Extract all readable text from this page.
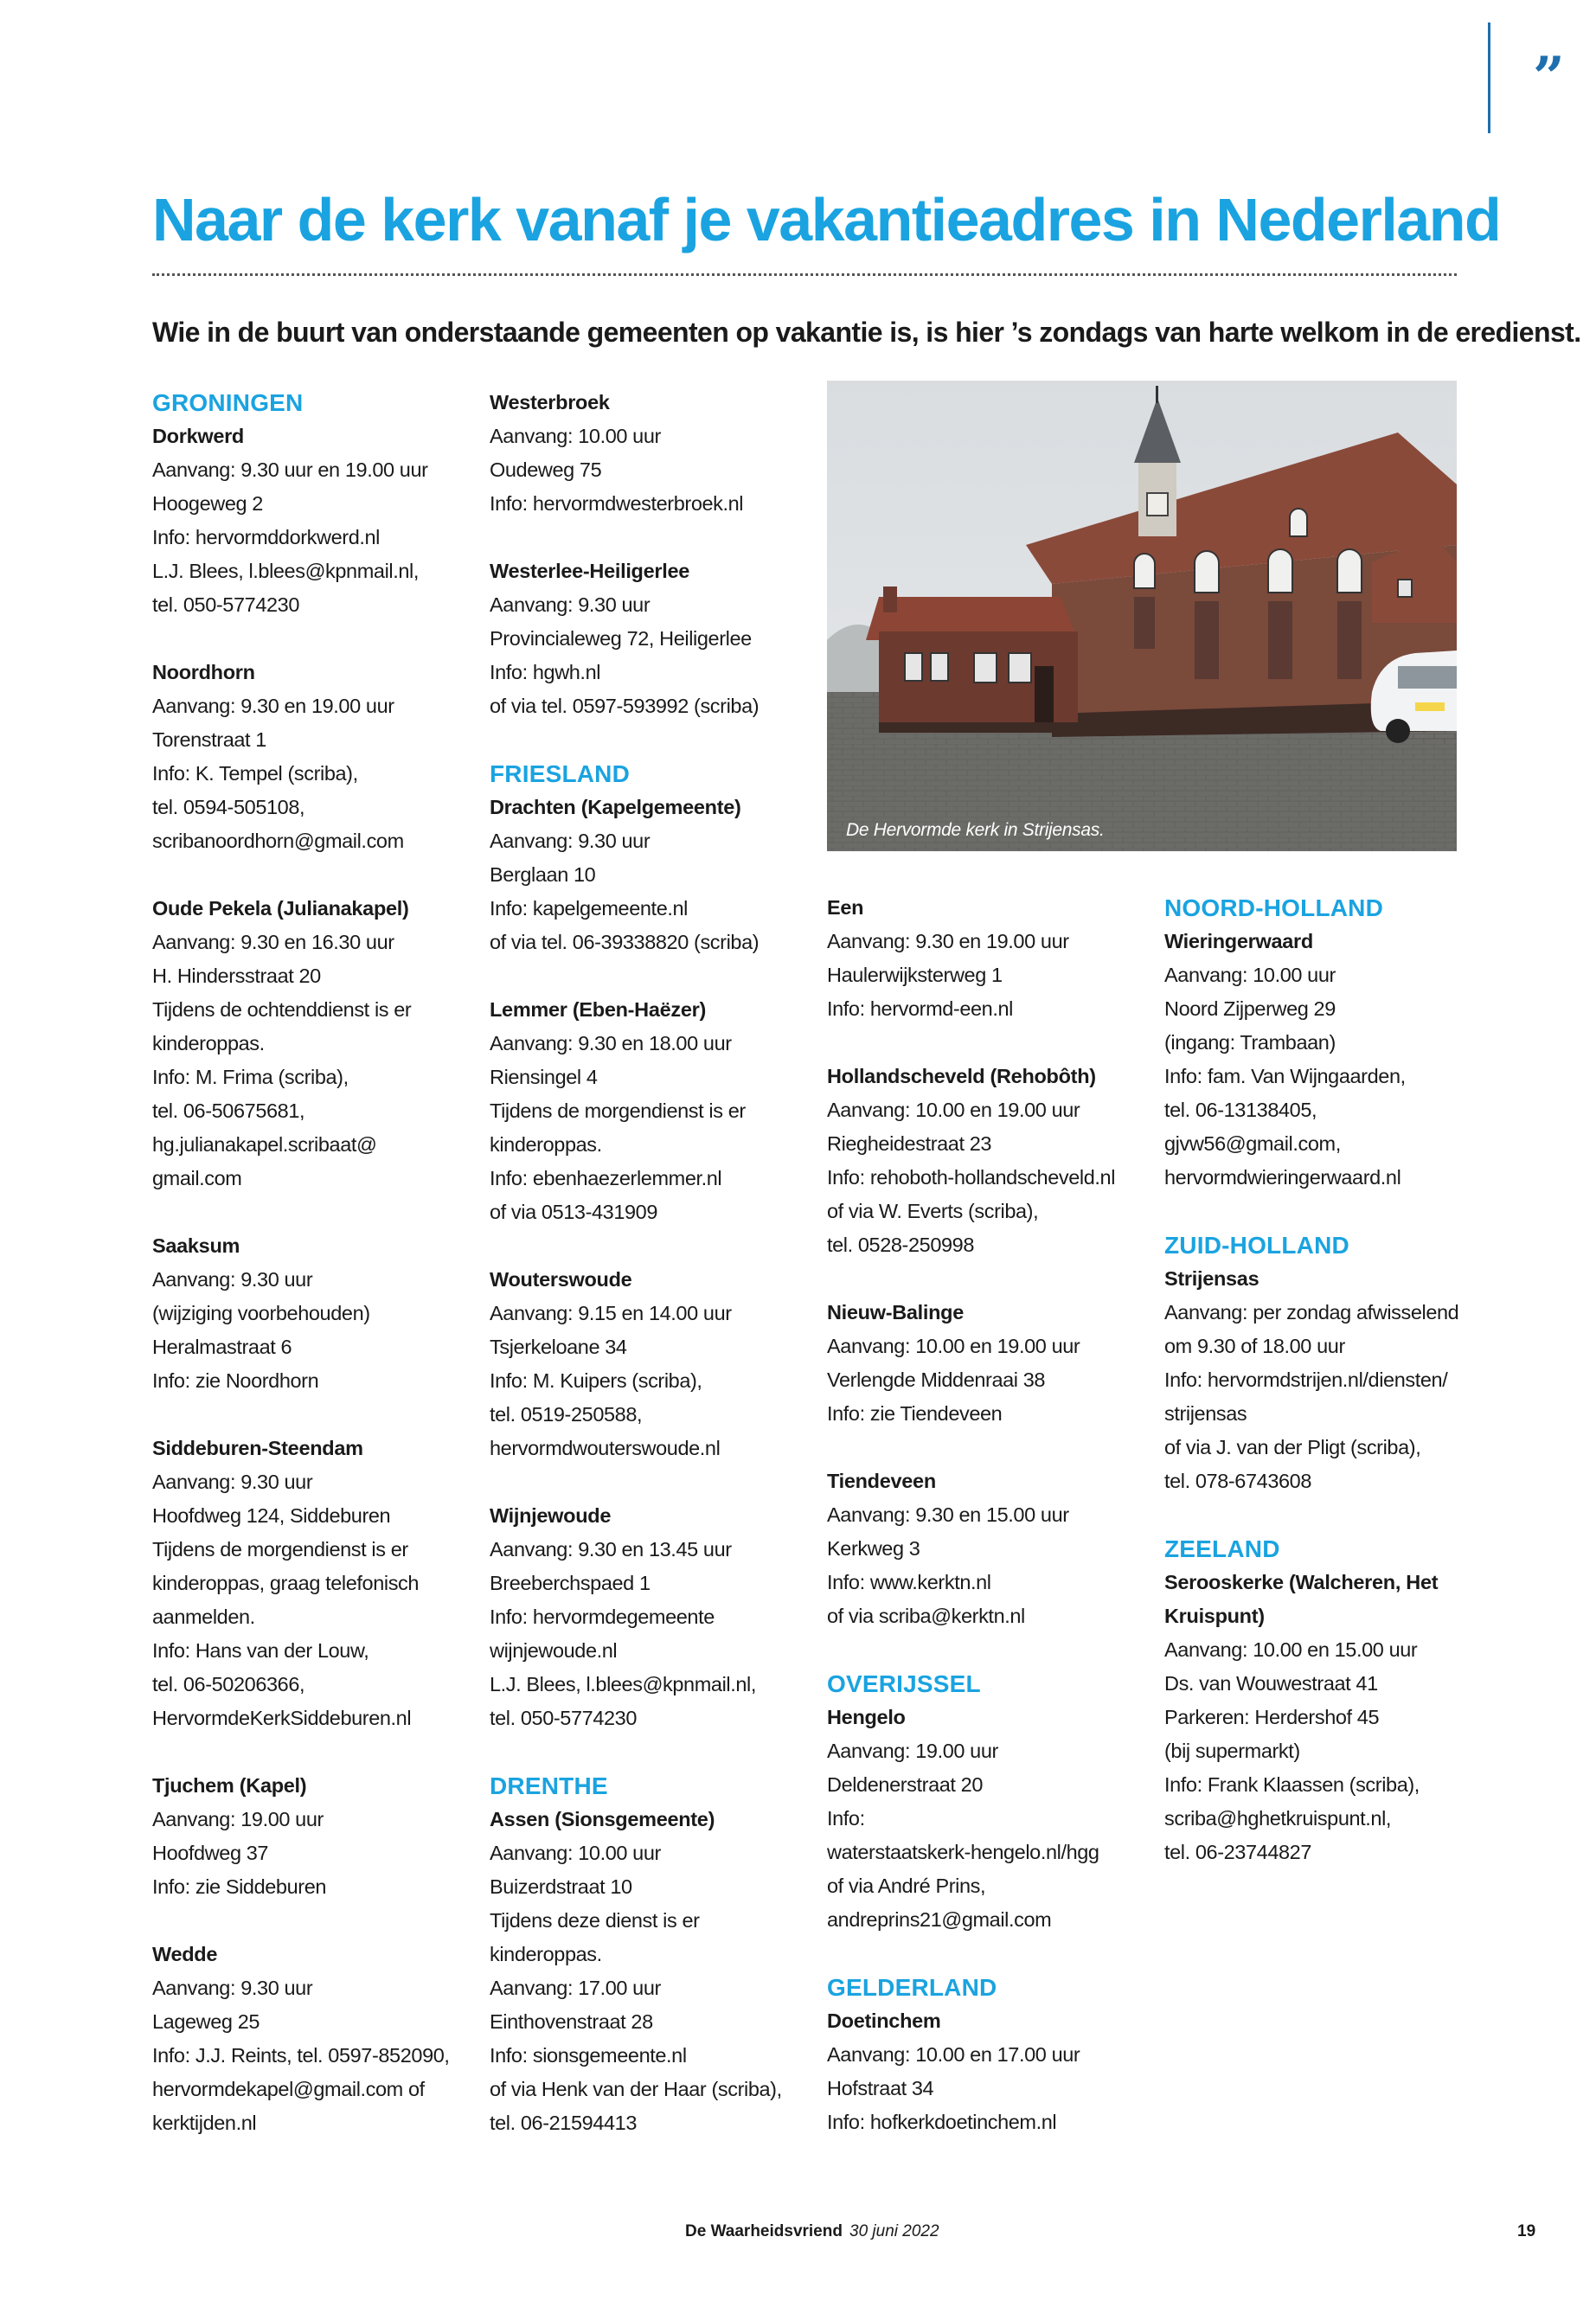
”
Naar de kerk vanaf je vakantieadres in Nederland
Wie in de buurt van onderstaande gemeenten op vakantie is, is hier ’s zondags van harte welkom in de eredienst.
De Hervormde kerk in Strijensas.
GRONINGEN
Dorkwerd
Aanvang: 9.30 uur en 19.00 uur
Hoogeweg 2
Info: hervormddorkwerd.nl
L.J. Blees, l.blees@kpnmail.nl,
tel. 050-5774230
Noordhorn
Aanvang: 9.30 en 19.00 uur
Torenstraat 1
Info: K. Tempel (scriba),
tel. 0594-505108,
scribanoordhorn@gmail.com
Oude Pekela (Julianakapel)
Aanvang: 9.30 en 16.30 uur
H. Hindersstraat 20
Tijdens de ochtenddienst is er
kinderoppas.
Info: M. Frima (scriba),
tel. 06-50675681,
hg.julianakapel.scribaat@
gmail.com
Saaksum
Aanvang: 9.30 uur
(wijziging voorbehouden)
Heralmastraat 6
Info: zie Noordhorn
Siddeburen-Steendam
Aanvang: 9.30 uur
Hoofdweg 124, Siddeburen
Tijdens de morgendienst is er
kinderoppas, graag telefonisch
aanmelden.
Info: Hans van der Louw,
tel. 06-50206366,
HervormdeKerkSiddeburen.nl
Tjuchem (Kapel)
Aanvang: 19.00 uur
Hoofdweg 37
Info: zie Siddeburen
Wedde
Aanvang: 9.30 uur
Lageweg 25
Info: J.J. Reints, tel. 0597-852090,
hervormdekapel@gmail.com of
kerktijden.nl
Westerbroek
Aanvang: 10.00 uur
Oudeweg 75
Info: hervormdwesterbroek.nl
Westerlee-Heiligerlee
Aanvang: 9.30 uur
Provincialeweg 72, Heiligerlee
Info: hgwh.nl
of via tel. 0597-593992 (scriba)
FRIESLAND
Drachten (Kapelgemeente)
Aanvang: 9.30 uur
Berglaan 10
Info: kapelgemeente.nl
of via tel. 06-39338820 (scriba)
Lemmer (Eben-Haëzer)
Aanvang: 9.30 en 18.00 uur
Riensingel 4
Tijdens de morgendienst is er
kinderoppas.
Info: ebenhaezerlemmer.nl
of via 0513-431909
Wouterswoude
Aanvang: 9.15 en 14.00 uur
Tsjerkeloane 34
Info: M. Kuipers (scriba),
tel. 0519-250588,
hervormdwouterswoude.nl
Wijnjewoude
Aanvang: 9.30 en 13.45 uur
Breeberchspaed 1
Info: hervormdegemeente
wijnjewoude.nl
L.J. Blees, l.blees@kpnmail.nl,
tel. 050-5774230
DRENTHE
Assen (Sionsgemeente)
Aanvang: 10.00 uur
Buizerdstraat 10
Tijdens deze dienst is er
kinderoppas.
Aanvang: 17.00 uur
Einthovenstraat 28
Info: sionsgemeente.nl
of via Henk van der Haar (scriba),
tel. 06-21594413
Een
Aanvang: 9.30 en 19.00 uur
Haulerwijksterweg 1
Info: hervormd-een.nl
Hollandscheveld (Rehobôth)
Aanvang: 10.00 en 19.00 uur
Riegheidestraat 23
Info: rehoboth-hollandscheveld.nl
of via W. Everts (scriba),
tel. 0528-250998
Nieuw-Balinge
Aanvang: 10.00 en 19.00 uur
Verlengde Middenraai 38
Info: zie Tiendeveen
Tiendeveen
Aanvang: 9.30 en 15.00 uur
Kerkweg 3
Info: www.kerktn.nl
of via scriba@kerktn.nl
OVERIJSSEL
Hengelo
Aanvang: 19.00 uur
Deldenerstraat 20
Info:
waterstaatskerk-hengelo.nl/hgg
of via André Prins,
andreprins21@gmail.com
GELDERLAND
Doetinchem
Aanvang: 10.00 en 17.00 uur
Hofstraat 34
Info: hofkerkdoetinchem.nl
NOORD-HOLLAND
Wieringerwaard
Aanvang: 10.00 uur
Noord Zijperweg 29
(ingang: Trambaan)
Info: fam. Van Wijngaarden,
tel. 06-13138405,
gjvw56@gmail.com,
hervormdwieringerwaard.nl
ZUID-HOLLAND
Strijensas
Aanvang: per zondag afwisselend
om 9.30 of 18.00 uur
Info: hervormdstrijen.nl/diensten/
strijensas
of via J. van der Pligt (scriba),
tel. 078-6743608
ZEELAND
Serooskerke (Walcheren, Het
Kruispunt)
Aanvang: 10.00 en 15.00 uur
Ds. van Wouwestraat 41
Parkeren: Herdershof 45
(bij supermarkt)
Info: Frank Klaassen (scriba),
scriba@hghetkruispunt.nl,
tel. 06-23744827
De Waarheidsvriend 30 juni 2022	19
